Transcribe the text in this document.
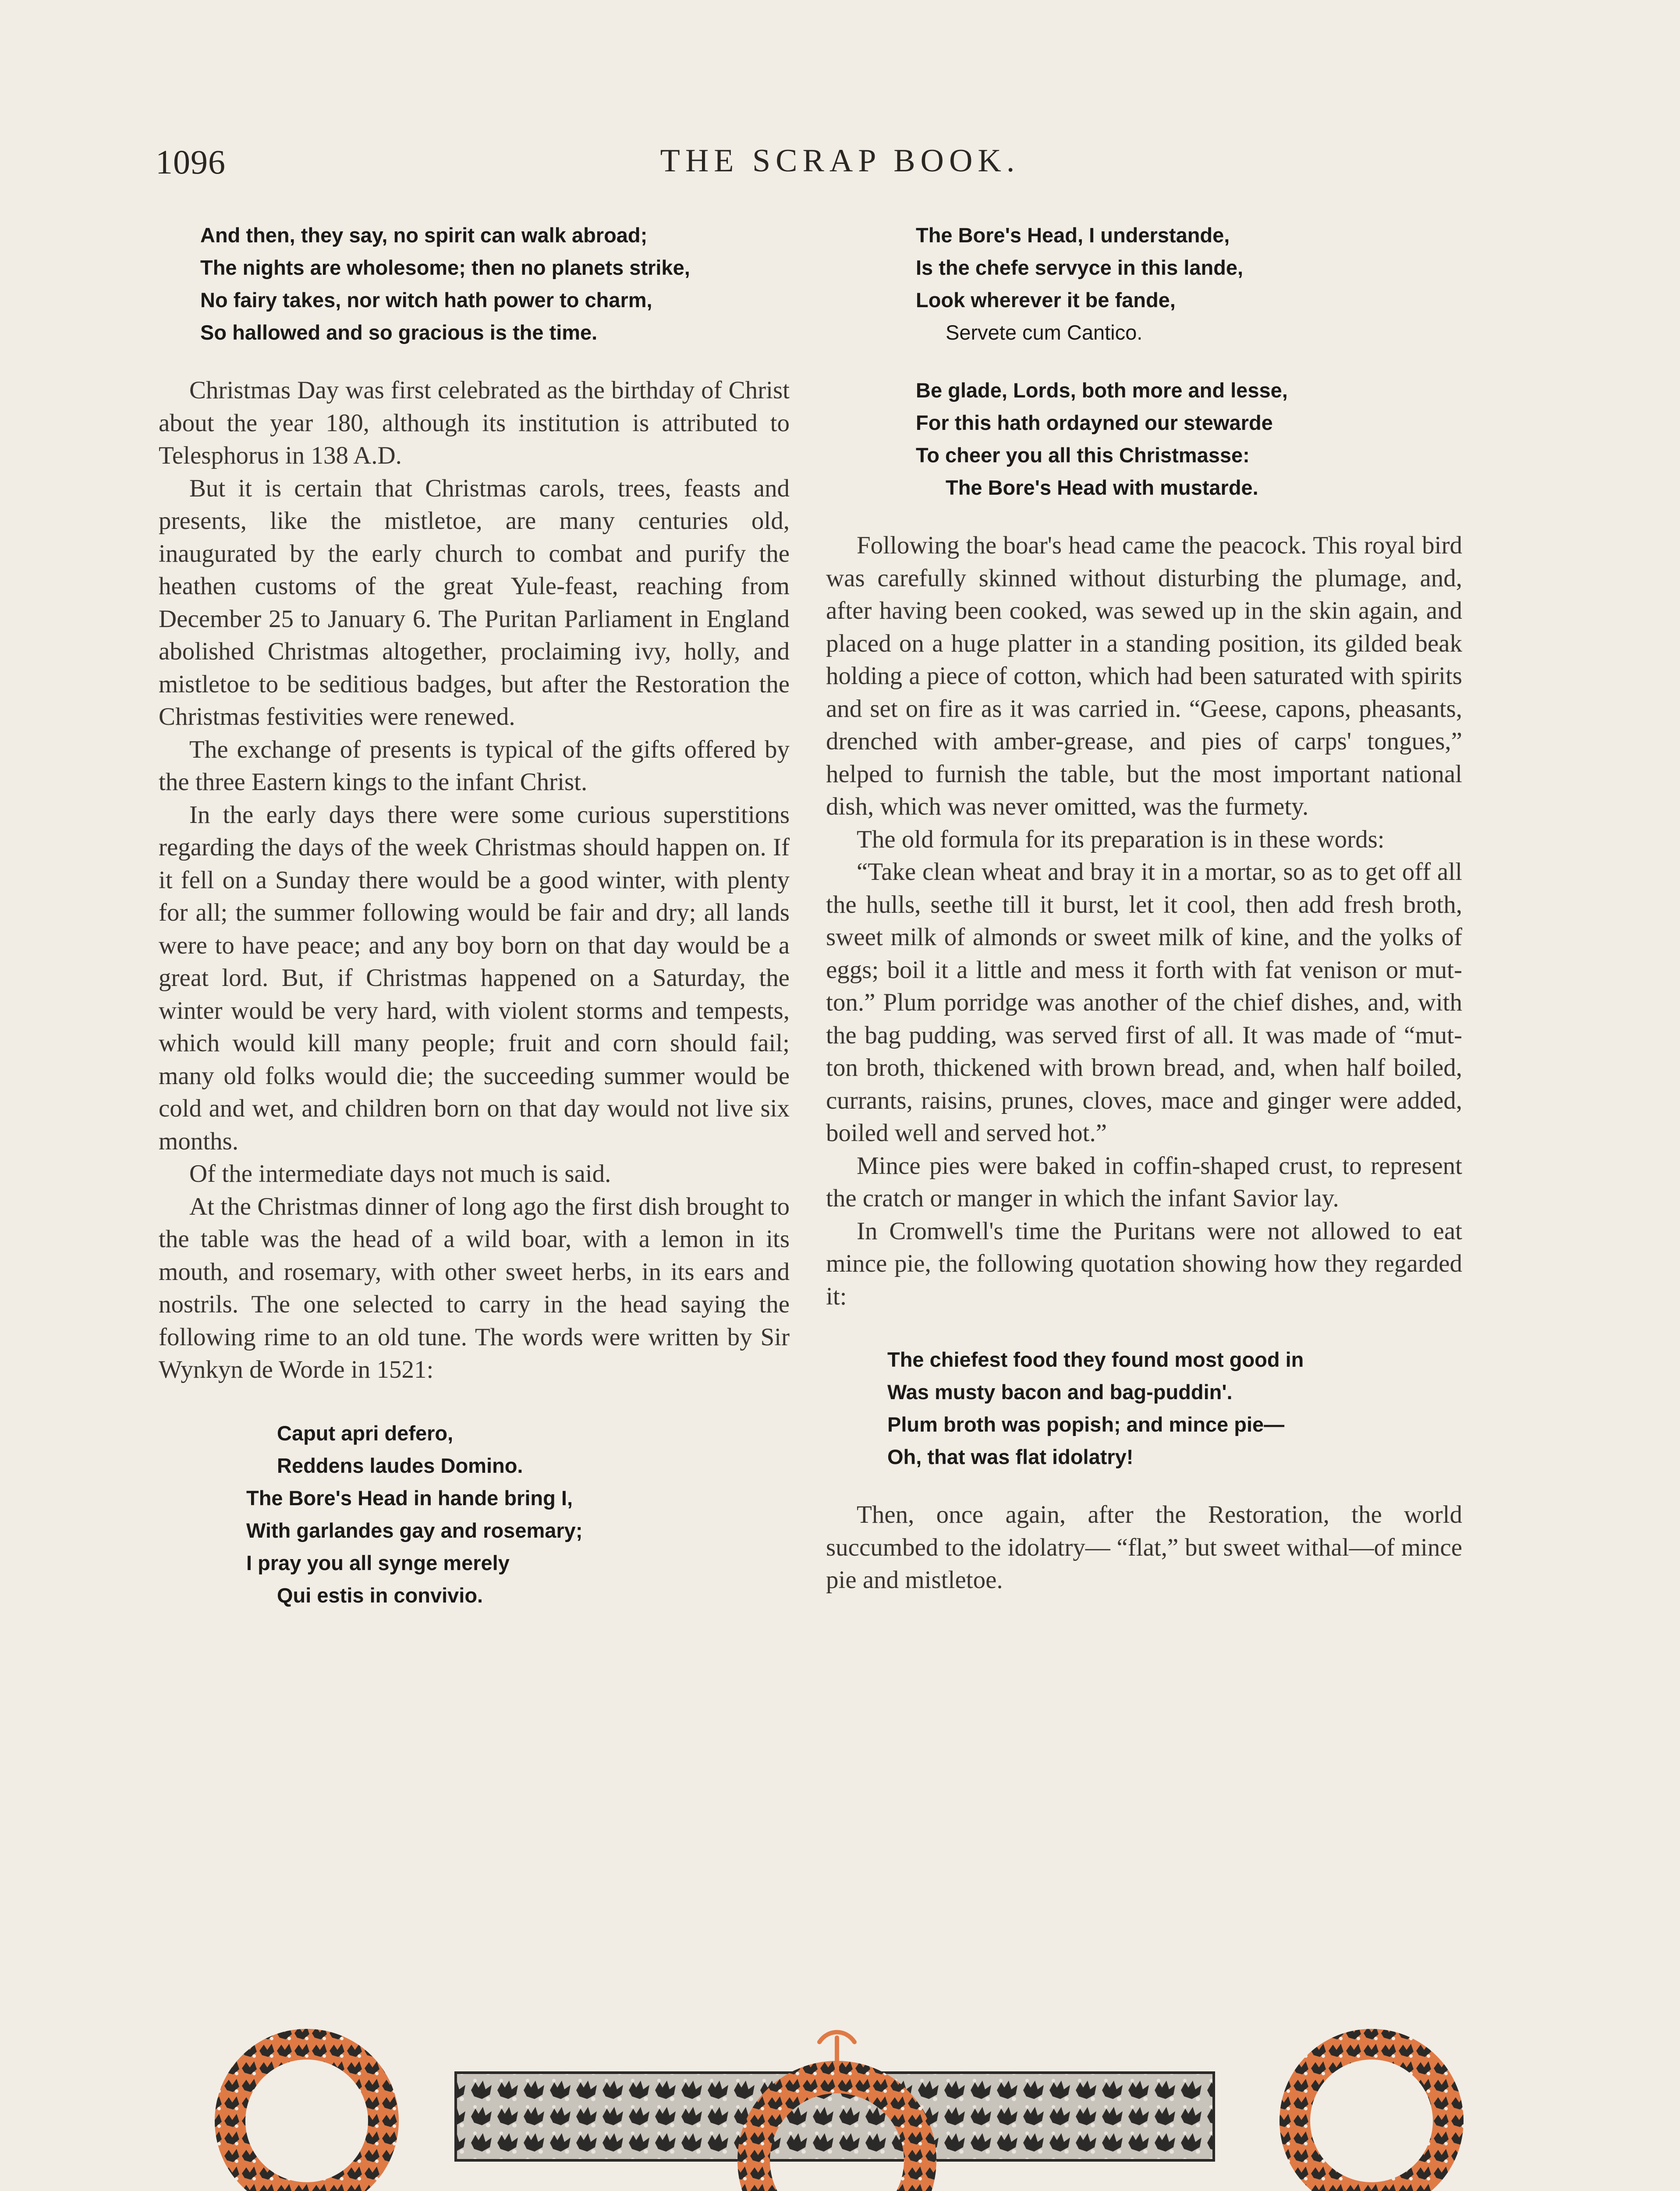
1096	THE SCRAP BOOK.
And then, they say, no spirit can walk abroad;
The nights are wholesome; then no planets strike,
No fairy takes, nor witch hath power to charm,
So hallowed and so gracious is the time.

Christmas Day was first celebrated as the birthday of Christ about the year 180, although its institution is attributed to Telesphorus in 138 A.D.

But it is certain that Christmas carols, trees, feasts and presents, like the mistletoe, are many centuries old, inaugurated by the early church to combat and purify the heathen customs of the great Yule-feast, reaching from December 25 to January 6. The Puritan Parliament in England abolished Christmas altogether, proclaiming ivy, holly, and mistletoe to be seditious badges, but after the Restoration the Christmas festivities were renewed.

The exchange of presents is typical of the gifts offered by the three Eastern kings to the infant Christ.

In the early days there were some curious superstitions regarding the days of the week Christmas should happen on. If it fell on a Sunday there would be a good winter, with plenty for all; the summer following would be fair and dry; all lands were to have peace; and any boy born on that day would be a great lord. But, if Christmas happened on a Saturday, the winter would be very hard, with violent storms and tempests, which would kill many people; fruit and corn should fail; many old folks would die; the succeeding summer would be cold and wet, and children born on that day would not live six months.

Of the intermediate days not much is said.

At the Christmas dinner of long ago the first dish brought to the table was the head of a wild boar, with a lemon in its mouth, and rosemary, with other sweet herbs, in its ears and nostrils. The one selected to carry in the head saying the following rime to an old tune. The words were written by Sir Wynkyn de Worde in 1521:

Caput apri defero,
Reddens laudes Domino.
The Bore's Head in hande bring I,
With garlandes gay and rosemary;
I pray you all synge merely
Qui estis in convivio.
The Bore's Head, I understande,
Is the chefe servyce in this lande,
Look wherever it be fande,
Servete cum Cantico.
Be glade, Lords, both more and lesse,
For this hath ordayned our stewarde
To cheer you all this Christmasse:
The Bore's Head with mustarde.

Following the boar's head came the peacock. This royal bird was carefully skinned without disturbing the plumage, and, after having been cooked, was sewed up in the skin again, and placed on a huge platter in a standing position, its gilded beak holding a piece of cotton, which had been saturated with spirits and set on fire as it was carried in. “Geese, capons, pheasants, drenched with amber-grease, and pies of carps' tongues,” helped to furnish the table, but the most important national dish, which was never omitted, was the furmety.

The old formula for its preparation is in these words:

“Take clean wheat and bray it in a mortar, so as to get off all the hulls, seethe till it burst, let it cool, then add fresh broth, sweet milk of almonds or sweet milk of kine, and the yolks of eggs; boil it a little and mess it forth with fat venison or mutton.” Plum porridge was another of the chief dishes, and, with the bag pudding, was served first of all. It was made of “mutton broth, thickened with brown bread, and, when half boiled, currants, raisins, prunes, cloves, mace and ginger were added, boiled well and served hot.”

Mince pies were baked in coffin-shaped crust, to represent the cratch or manger in which the infant Savior lay.

In Cromwell's time the Puritans were not allowed to eat mince pie, the following quotation showing how they regarded it:

The chiefest food they found most good in
Was musty bacon and bag-puddin'.
Plum broth was popish; and mince pie—
Oh, that was flat idolatry!

Then, once again, after the Restoration, the world succumbed to the idolatry— “flat,” but sweet withal—of mince pie and mistletoe.
